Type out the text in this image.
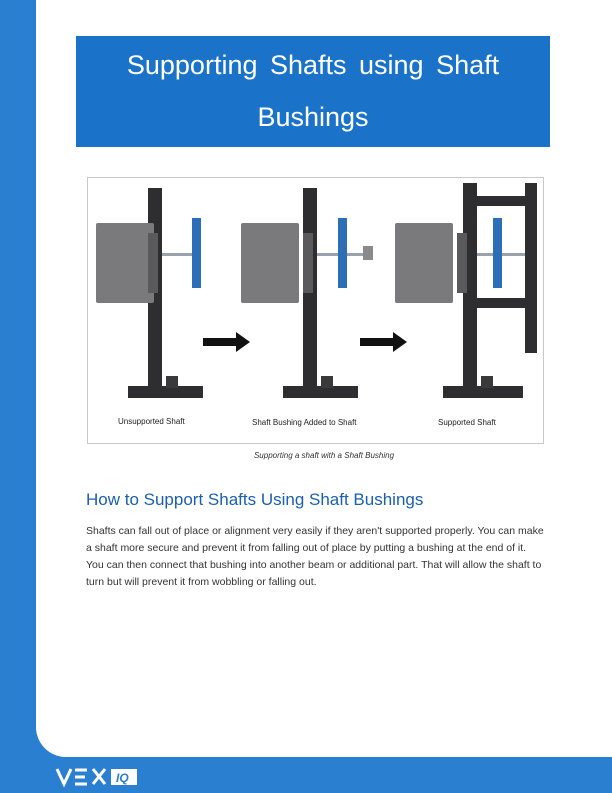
Supporting Shafts using Shaft
Bushings
Unsupported Shaft	Shaft Bushing Added to Shaft	Supported Shaft
Supporting a shaft with a Shaft Bushing
How to Support Shafts Using Shaft Bushings
Shafts can fall out of place or alignment very easily if they aren't supported properly. You can make a shaft more secure and prevent it from falling out of place by putting a bushing at the end of it. You can then connect that bushing into another beam or additional part. That will allow the shaft to turn but will prevent it from wobbling or falling out.
IQ
